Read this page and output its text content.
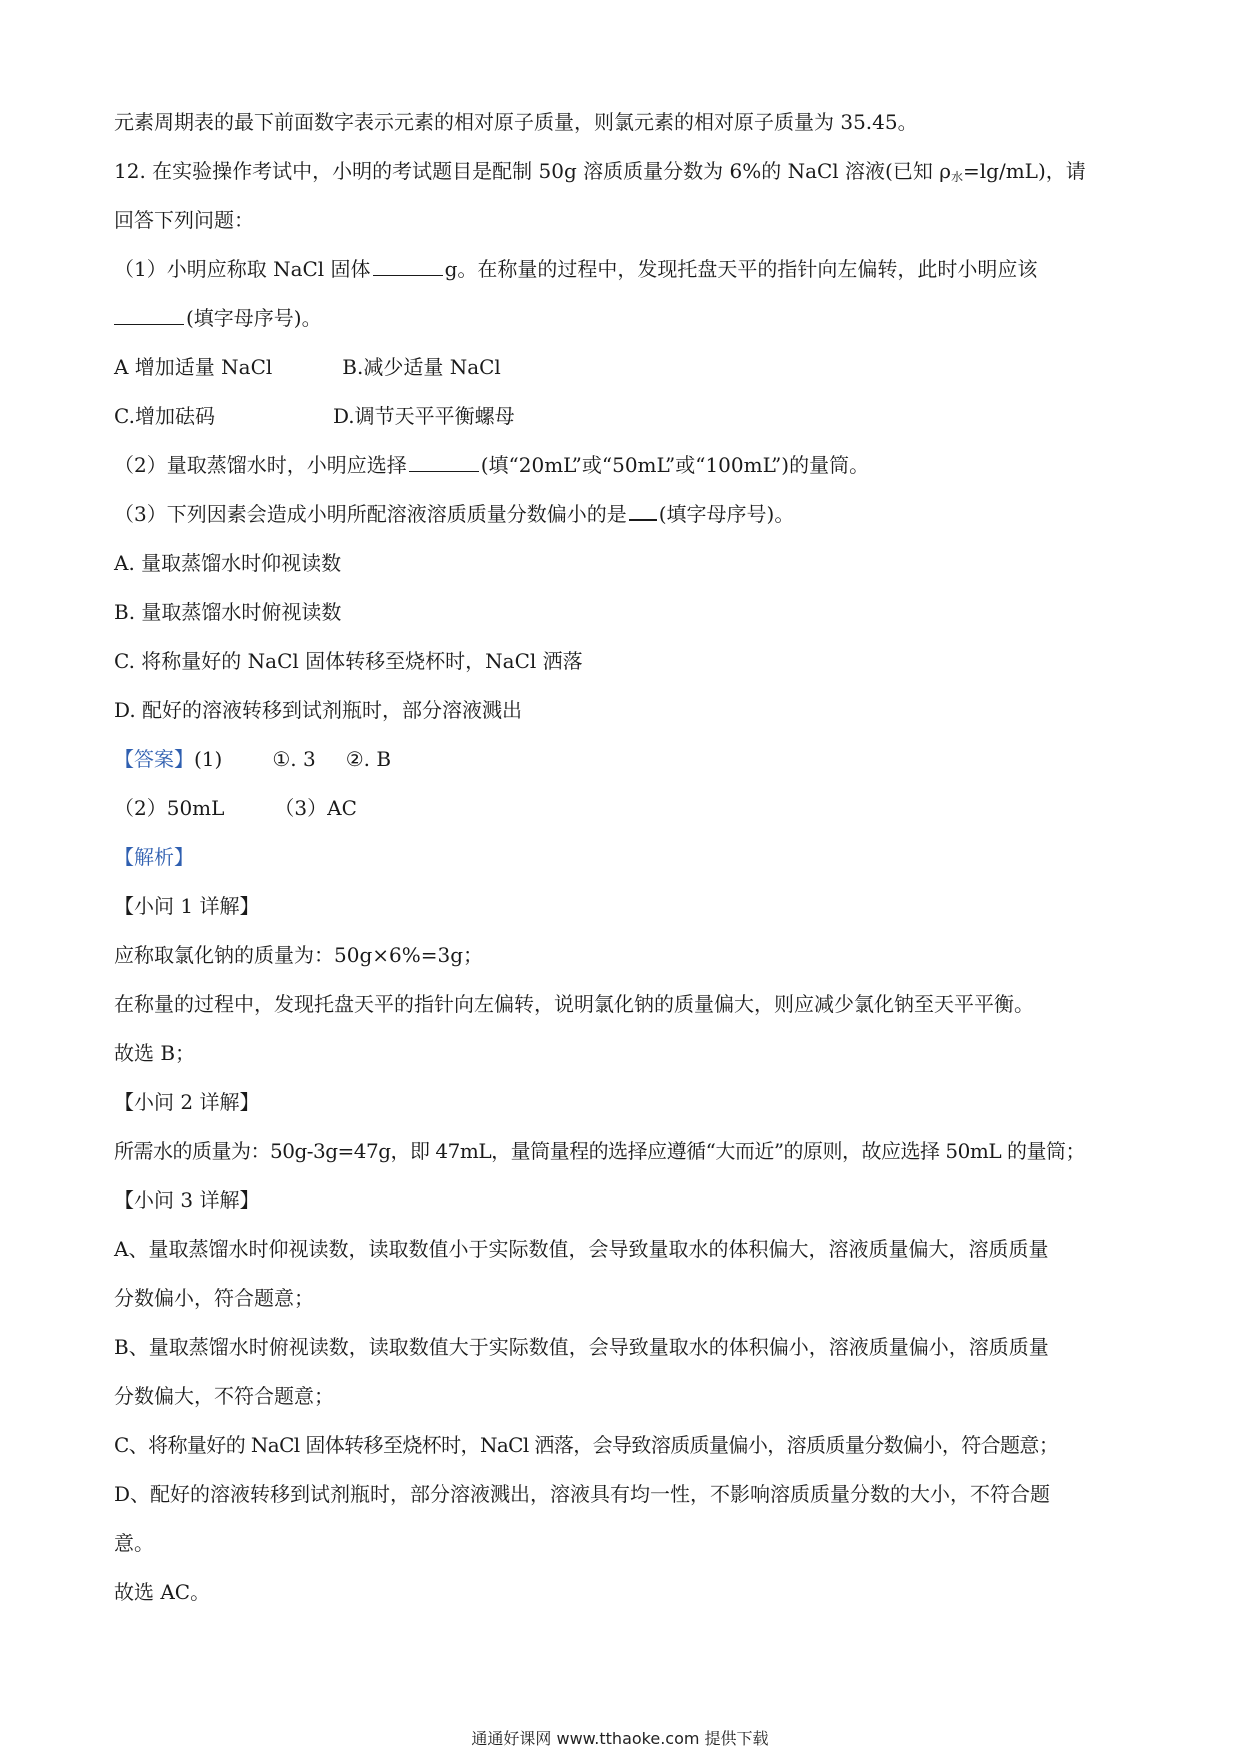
元素周期表的最下前面数字表示元素的相对原子质量，则氯元素的相对原子质量为 35.45。
12. 在实验操作考试中，小明的考试题目是配制 50g 溶质质量分数为 6%的 NaCl 溶液(已知 $\rho_水=\lg/mL$)，请
回答下列问题：
（1）小明应称取 NaCl 固体	g。在称量的过程中，发现托盘天平的指针向左偏转，此时小明应该
(填字母序号)。
A 增加适量 NaCl	B.减少适量 NaCl
C.增加砝码	D.调节天平平衡螺母
（2）量取蒸馏水时，小明应选择	(填“20mL”或“50mL”或“100mL”)的量筒。
（3）下列因素会造成小明所配溶液溶质质量分数偏小的是 (填字母序号)。
A. 量取蒸馏水时仰视读数
B. 量取蒸馏水时俯视读数
C. 将称量好的 NaCl 固体转移至烧杯时，NaCl 洒落
D. 配好的溶液转移到试剂瓶时，部分溶液溅出
【答案】(1)	①. 3 ②. B
（2）50mL	（3）AC
【解析】
【小问 1 详解】
应称取氯化钠的质量为：50g×6%=3g；
在称量的过程中，发现托盘天平的指针向左偏转，说明氯化钠的质量偏大，则应减少氯化钠至天平平衡。
故选 B；
【小问 2 详解】
所需水的质量为：50g-3g=47g，即 47mL，量筒量程的选择应遵循“大而近”的原则，故应选择 50mL 的量筒；
【小问 3 详解】
A、量取蒸馏水时仰视读数，读取数值小于实际数值，会导致量取水的体积偏大，溶液质量偏大，溶质质量
分数偏小，符合题意；
B、量取蒸馏水时俯视读数，读取数值大于实际数值，会导致量取水的体积偏小，溶液质量偏小，溶质质量
分数偏大，不符合题意；
C、将称量好的 NaCl 固体转移至烧杯时，NaCl 洒落，会导致溶质质量偏小，溶质质量分数偏小，符合题意；
D、配好的溶液转移到试剂瓶时，部分溶液溅出，溶液具有均一性，不影响溶质质量分数的大小，不符合题
意。
故选 AC。
通通好课网 www.tthaoke.com 提供下载
